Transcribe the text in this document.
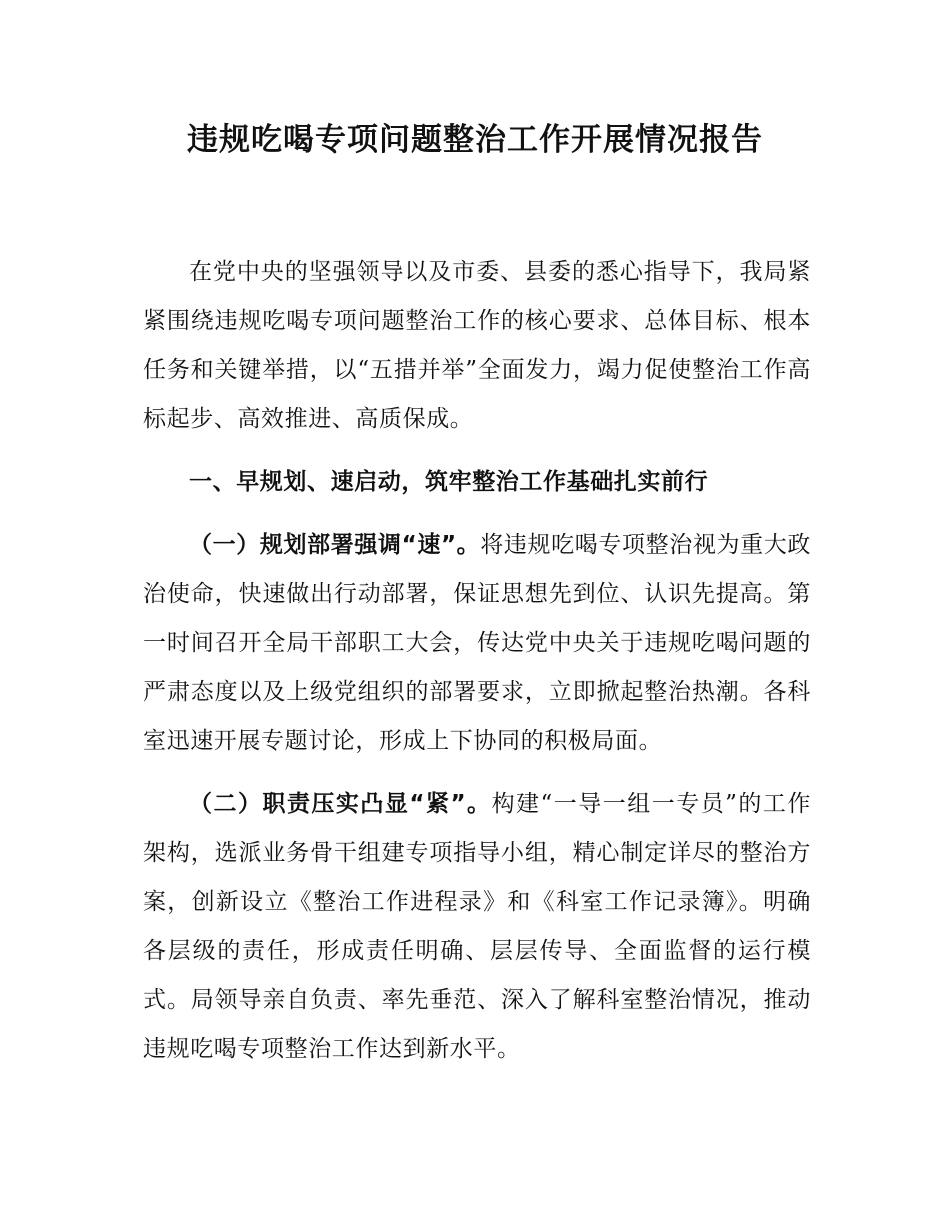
违规吃喝专项问题整治工作开展情况报告

在党中央的坚强领导以及市委、县委的悉心指导下，我局紧紧围绕违规吃喝专项问题整治工作的核心要求、总体目标、根本任务和关键举措，以“五措并举”全面发力，竭力促使整治工作高标起步、高效推进、高质保成。

一、早规划、速启动，筑牢整治工作基础扎实前行

（一）规划部署强调“速”。将违规吃喝专项整治视为重大政治使命，快速做出行动部署，保证思想先到位、认识先提高。第一时间召开全局干部职工大会，传达党中央关于违规吃喝问题的严肃态度以及上级党组织的部署要求，立即掀起整治热潮。各科室迅速开展专题讨论，形成上下协同的积极局面。

（二）职责压实凸显“紧”。构建“一导一组一专员”的工作架构，选派业务骨干组建专项指导小组，精心制定详尽的整治方案，创新设立《整治工作进程录》和《科室工作记录簿》。明确各层级的责任，形成责任明确、层层传导、全面监督的运行模式。局领导亲自负责、率先垂范、深入了解科室整治情况，推动违规吃喝专项整治工作达到新水平。
